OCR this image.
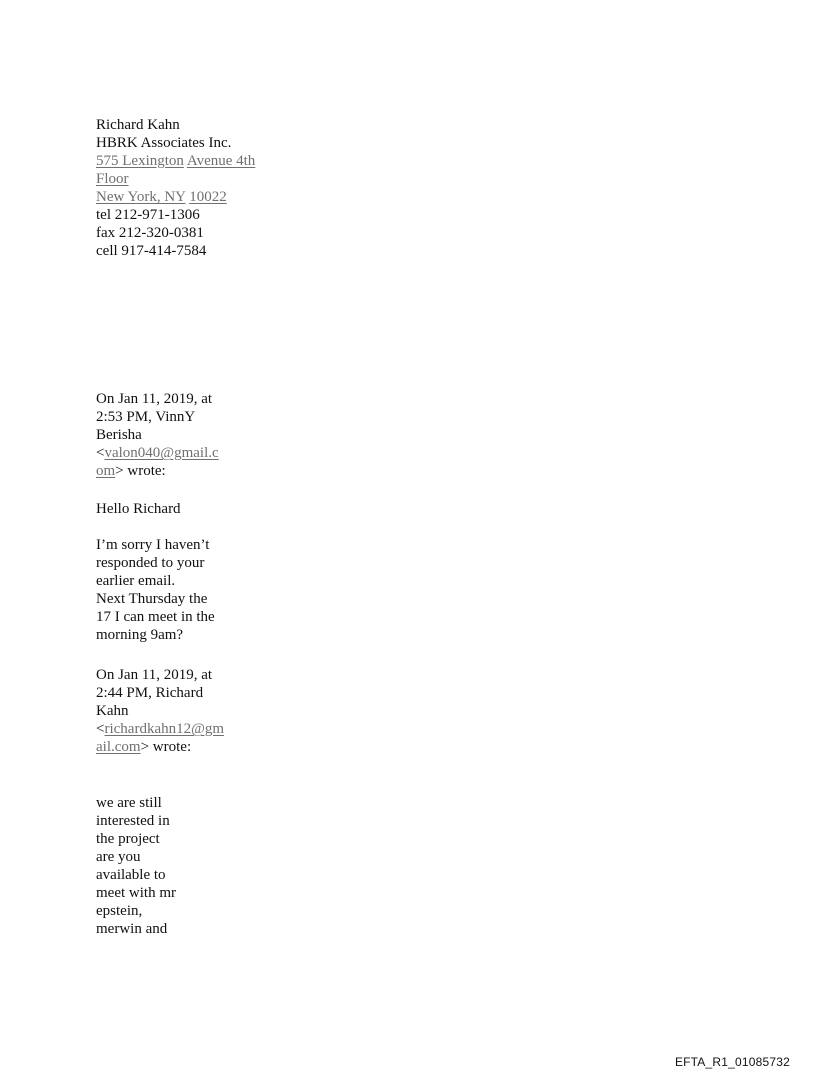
Richard Kahn
HBRK Associates Inc.
575 Lexington Avenue 4th
Floor
New York, NY 10022
tel 212-971-1306
fax 212-320-0381
cell 917-414-7584
On Jan 11, 2019, at
2:53 PM, VinnY
Berisha
<valon040@gmail.c
om> wrote:
Hello Richard
I’m sorry I haven’t
responded to your
earlier email.
Next Thursday the
17 I can meet in the
morning 9am?
On Jan 11, 2019, at
2:44 PM, Richard
Kahn
<richardkahn12@gm
ail.com> wrote:
we are still
interested in
the project
are you
available to
meet with mr
epstein,
merwin and
EFTA_R1_01085732
